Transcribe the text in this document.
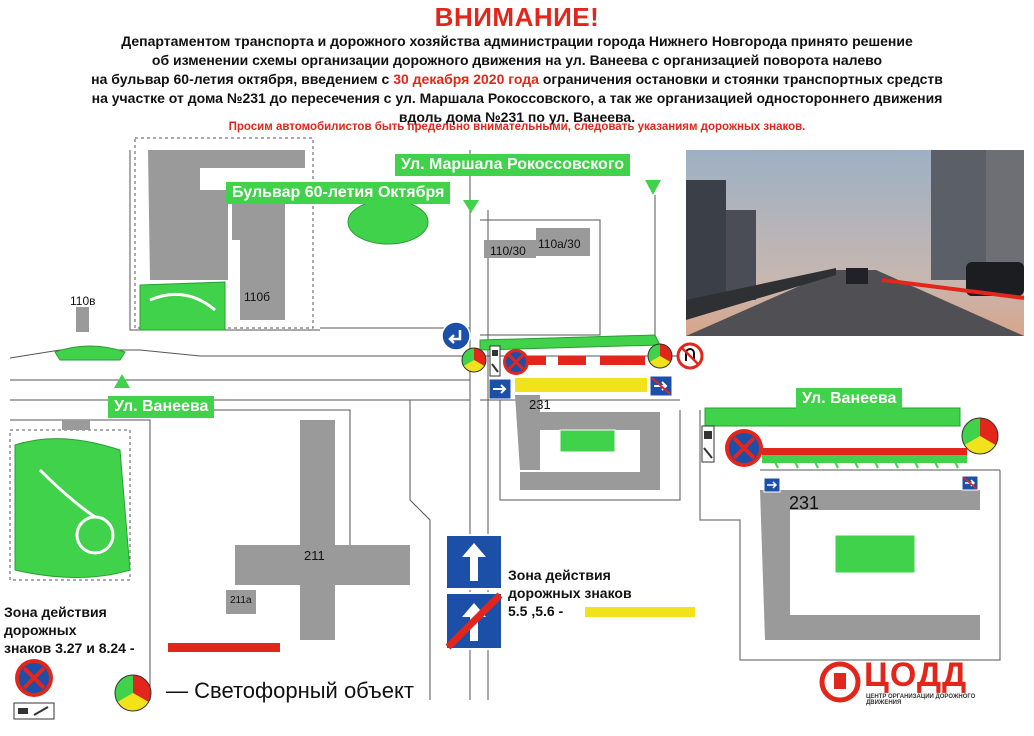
ВНИМАНИЕ!
Департаментом транспорта и дорожного хозяйства администрации города Нижнего Новгорода принято решение
об изменении схемы организации дорожного движения на ул. Ванеева с организацией поворота налево
на бульвар 60-летия октября, введением с 30 декабря 2020 года ограничения остановки и стоянки транспортных средств
на участке от дома №231 до пересечения с ул. Маршала Рокоссовского, а так же организацией одностороннего движения
вдоль дома №231 по ул. Ванеева.
Просим автомобилистов быть предельно внимательными, следовать указаниям дорожных знаков.
Ул. Маршала Рокоссовского
Бульвар 60-летия Октября
Ул. Ванеева	Ул. Ванеева
110в	110б
110/30 110а/30
231
231
211
211а
Зона действия
дорожных
знаков 3.27 и 8.24 -
Зона действия
дорожных знаков
5.5 ,5.6 -
— Светофорный объект	ЦОДД
ЦЕНТР ОРГАНИЗАЦИИ ДОРОЖНОГО ДВИЖЕНИЯ
